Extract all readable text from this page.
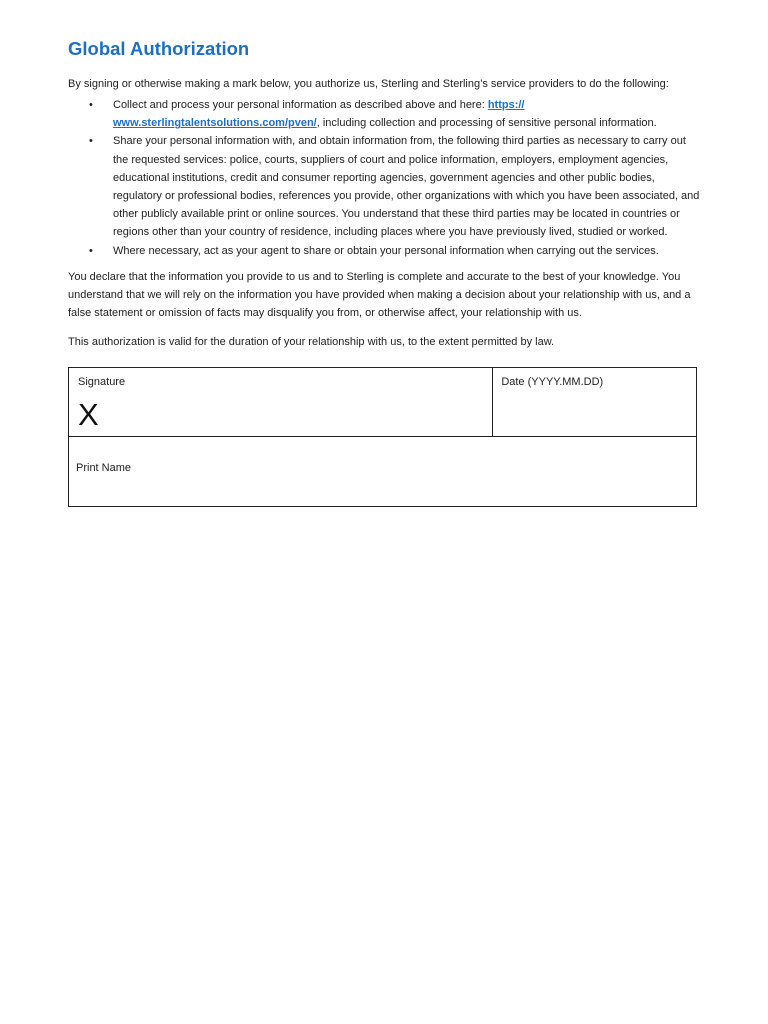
Global Authorization

By signing or otherwise making a mark below, you authorize us, Sterling and Sterling’s service providers to do the following:

• Collect and process your personal information as described above and here: https://
www.sterlingtalentsolutions.com/pven/, including collection and processing of sensitive personal information.
• Share your personal information with, and obtain information from, the following third parties as necessary to carry out the requested services: police, courts, suppliers of court and police information, employers, employment agencies, educational institutions, credit and consumer reporting agencies, government agencies and other public bodies, regulatory or professional bodies, references you provide, other organizations with which you have been associated, and other publicly available print or online sources. You understand that these third parties may be located in countries or regions other than your country of residence, including places where you have previously lived, studied or worked.
• Where necessary, act as your agent to share or obtain your personal information when carrying out the services.

You declare that the information you provide to us and to Sterling is complete and accurate to the best of your knowledge. You understand that we will rely on the information you have provided when making a decision about your relationship with us, and a false statement or omission of facts may disqualify you from, or otherwise affect, your relationship with us.

This authorization is valid for the duration of your relationship with us, to the extent permitted by law.

Signature
X

Date (YYYY.MM.DD)

Print Name
